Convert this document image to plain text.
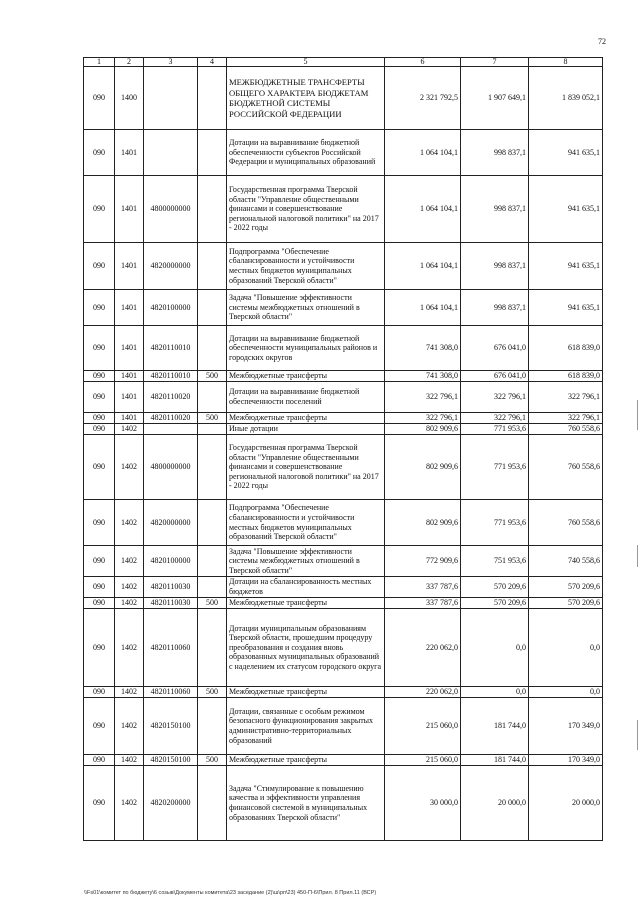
72
1	2	3	4	5	6	7	8
090	1400			МЕЖБЮДЖЕТНЫЕ ТРАНСФЕРТЫ ОБЩЕГО ХАРАКТЕРА БЮДЖЕТАМ БЮДЖЕТНОЙ СИСТЕМЫ РОССИЙСКОЙ ФЕДЕРАЦИИ	2 321 792,5	1 907 649,1	1 839 052,1
090	1401			Дотации на выравнивание бюджетной обеспеченности субъектов Российской Федерации и муниципальных образований	1 064 104,1	998 837,1	941 635,1
090	1401	4800000000		Государственная программа Тверской области "Управление общественными финансами и совершенствование региональной налоговой политики" на 2017 - 2022 годы	1 064 104,1	998 837,1	941 635,1
090	1401	4820000000		Подпрограмма "Обеспечение сбалансированности и устойчивости местных бюджетов муниципальных образований Тверской области"	1 064 104,1	998 837,1	941 635,1
090	1401	4820100000		Задача "Повышение эффективности системы межбюджетных отношений в Тверской области"	1 064 104,1	998 837,1	941 635,1
090	1401	4820110010		Дотации на выравнивание бюджетной обеспеченности муниципальных районов и городских округов	741 308,0	676 041,0	618 839,0
090	1401	4820110010	500	Межбюджетные трансферты	741 308,0	676 041,0	618 839,0
090	1401	4820110020		Дотации на выравнивание бюджетной обеспеченности поселений	322 796,1	322 796,1	322 796,1
090	1401	4820110020	500	Межбюджетные трансферты	322 796,1	322 796,1	322 796,1
090	1402			Иные дотации	802 909,6	771 953,6	760 558,6
090	1402	4800000000		Государственная программа Тверской области "Управление общественными финансами и совершенствование региональной налоговой политики" на 2017 - 2022 годы	802 909,6	771 953,6	760 558,6
090	1402	4820000000		Подпрограмма "Обеспечение сбалансированности и устойчивости местных бюджетов муниципальных образований Тверской области"	802 909,6	771 953,6	760 558,6
090	1402	4820100000		Задача "Повышение эффективности системы межбюджетных отношений в Тверской области"	772 909,6	751 953,6	740 558,6
090	1402	4820110030		Дотации на сбалансированность местных бюджетов	337 787,6	570 209,6	570 209,6
090	1402	4820110030	500	Межбюджетные трансферты	337 787,6	570 209,6	570 209,6
090	1402	4820110060		Дотации муниципальным образованиям Тверской области, прошедшим процедуру преобразования и создания вновь образованных муниципальных образований с наделением их статусом городского округа	220 062,0	0,0	0,0
090	1402	4820110060	500	Межбюджетные трансферты	220 062,0	0,0	0,0
090	1402	4820150100		Дотации, связанные с особым режимом безопасного функционирования закрытых административно-территориальных образований	215 060,0	181 744,0	170 349,0
090	1402	4820150100	500	Межбюджетные трансферты	215 060,0	181 744,0	170 349,0
090	1402	4820200000		Задача "Стимулирование к повышению качества и эффективности управления финансовой системой в муниципальных образованиях Тверской области"	30 000,0	20 000,0	20 000,0
\\Fs01\комитет по бюджету\6 созыв\Документы комитета\23 заседание (2)\ш\рп\23) 450-П-6\Прил. 8 Прил.11 (ВСР)
